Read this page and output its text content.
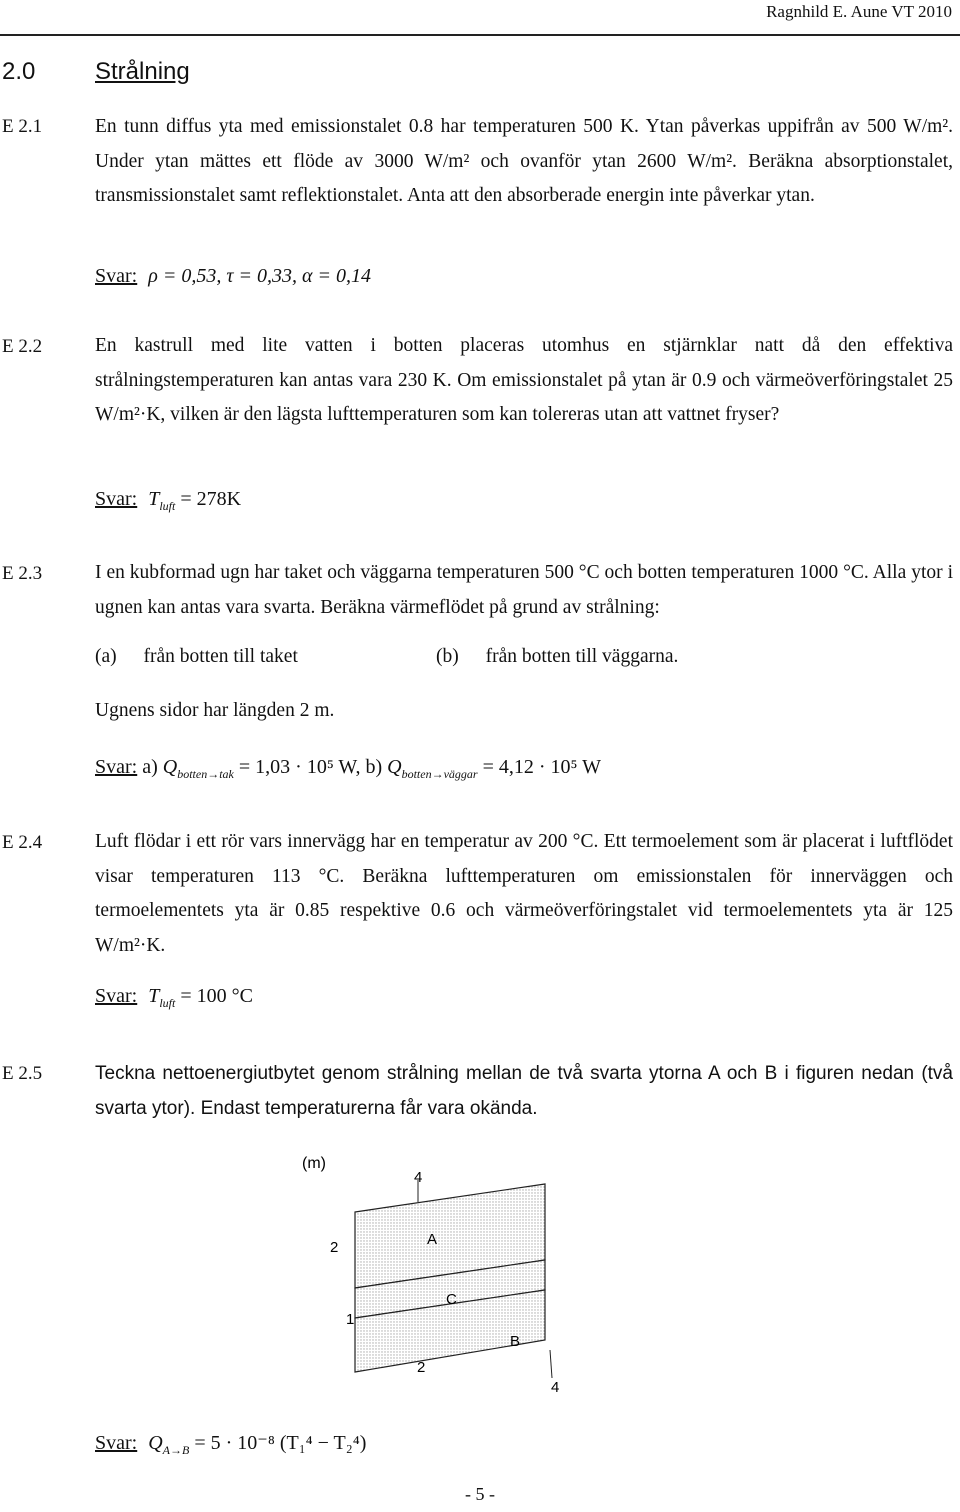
Ragnhild E. Aune VT 2010
2.0 Strålning
E 2.1	En tunn diffus yta med emissionstalet 0.8 har temperaturen 500 K. Ytan påverkas uppifrån av 500 W/m². Under ytan mättes ett flöde av 3000 W/m² och ovanför ytan 2600 W/m². Beräkna absorptionstalet, transmissionstalet samt reflektionstalet. Anta att den absorberade energin inte påverkar ytan.
Svar: ρ = 0,53, τ = 0,33, α = 0,14
E 2.2	En kastrull med lite vatten i botten placeras utomhus en stjärnklar natt då den effektiva strålningstemperaturen kan antas vara 230 K. Om emissionstalet på ytan är 0.9 och värmeöverföringstalet 25 W/m²·K, vilken är den lägsta lufttemperaturen som kan tolereras utan att vattnet fryser?
Svar: $T_{luft} = 278K$
E 2.3	I en kubformad ugn har taket och väggarna temperaturen 500 °C och botten temperaturen 1000 °C. Alla ytor i ugnen kan antas vara svarta. Beräkna värmeflödet på grund av strålning:
(a) från botten till taket	(b) från botten till väggarna.
Ugnens sidor har längden 2 m.
Svar: a) $Q_{botten\to tak} = 1,03 \cdot 10^5$ W, b) $Q_{botten\to väggar} = 4,12 \cdot 10^5$ W
E 2.4	Luft flödar i ett rör vars innervägg har en temperatur av 200 °C. Ett termoelement som är placerat i luftflödet visar temperaturen 113 °C. Beräkna lufttemperaturen om emissionstalen för innerväggen och termoelementets yta är 0.85 respektive 0.6 och värmeöverföringstalet vid termoelementets yta är 125 W/m²·K.
Svar: $T_{luft} = 100$ °C
E 2.5	Teckna nettoenergiutbytet genom strålning mellan de två svarta ytorna A och B i figuren nedan (två svarta ytor). Endast temperaturerna får vara okända.
(m)
4
2	A
C
1
B
2
4
Svar: $Q_{A\to B} = 5 \cdot 10^{-8}$ (T₁⁴ − T₂⁴)
- 5 -
